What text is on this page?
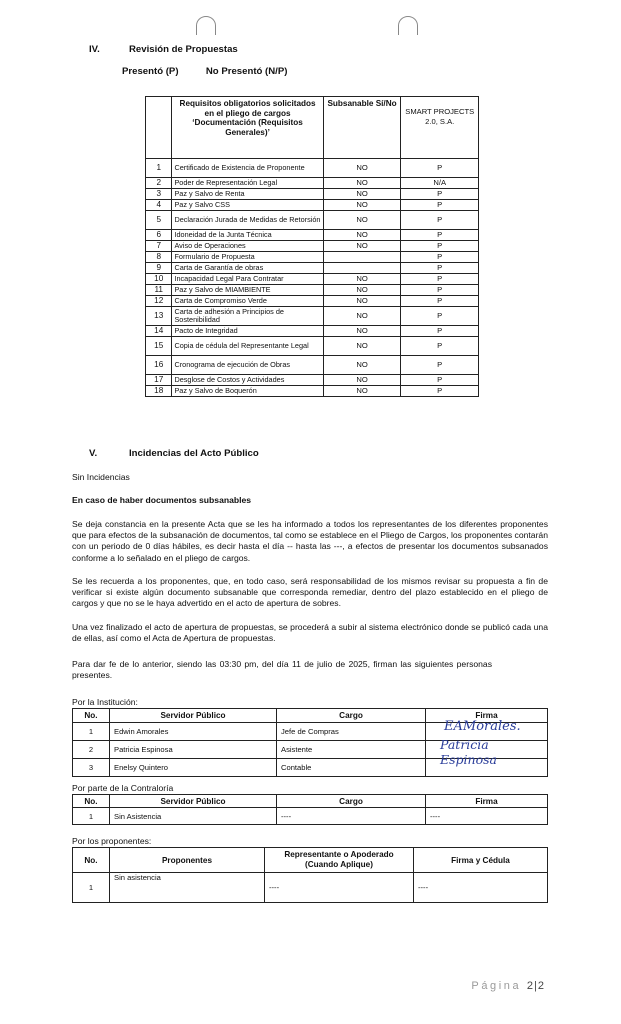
IV.	Revisión de Propuestas
Presentó (P)	No Presentó (N/P)
	Requisitos obligatorios solicitados en el pliego de cargos ‘Documentación (Requisitos Generales)’	Subsanable Sí/No	SMART PROJECTS 2.0, S.A.
1	Certificado de Existencia de Proponente	NO	P
2	Poder de Representación Legal	NO	N/A
3	Paz y Salvo de Renta	NO	P
4	Paz y Salvo CSS	NO	P
5	Declaración Jurada de Medidas de Retorsión	NO	P
6	Idoneidad de la Junta Técnica	NO	P
7	Aviso de Operaciones	NO	P
8	Formulario de Propuesta		P
9	Carta de Garantía de obras		P
10	Incapacidad Legal Para Contratar	NO	P
11	Paz y Salvo de MIAMBIENTE	NO	P
12	Carta de Compromiso Verde	NO	P
13	Carta de adhesión a Principios de Sostenibilidad	NO	P
14	Pacto de Integridad	NO	P
15	Copia de cédula del Representante Legal	NO	P
16	Cronograma de ejecución de Obras	NO	P
17	Desglose de Costos y Actividades	NO	P
18	Paz y Salvo de Boquerón	NO	P
V.	Incidencias del Acto Público
Sin Incidencias
En caso de haber documentos subsanables
Se deja constancia en la presente Acta que se les ha informado a todos los representantes de los diferentes proponentes que para efectos de la subsanación de documentos, tal como se establece en el Pliego de Cargos, los proponentes contarán con un periodo de 0 días hábiles, es decir hasta el día -- hasta las ---, a efectos de presentar los documentos subsanados conforme a lo señalado en el pliego de cargos.
Se les recuerda a los proponentes, que, en todo caso, será responsabilidad de los mismos revisar su propuesta a fin de verificar si existe algún documento subsanable que corresponda remediar, dentro del plazo establecido en el pliego de cargos y que no se le haya advertido en el acto de apertura de sobres.
Una vez finalizado el acto de apertura de propuestas, se procederá a subir al sistema electrónico donde se publicó cada una de ellas, así como el Acta de Apertura de propuestas.
Para dar fe de lo anterior, siendo las 03:30 pm, del día 11 de julio de 2025, firman las siguientes personas presentes.
Por la Institución:
No.	Servidor Público	Cargo	Firma
1	Edwin Amorales	Jefe de Compras	EAMorales.

2	Patricia Espinosa	Asistente	Patricia Espinosa

3	Enelsy Quintero	Contable	
Por parte de la Contraloría
No.	Servidor Público	Cargo	Firma
1	Sin Asistencia	----	----
Por los proponentes:
No.	Proponentes	Representante o Apoderado (Cuando Aplique)	Firma y Cédula
1	Sin asistencia	----	----
Página 2|2
